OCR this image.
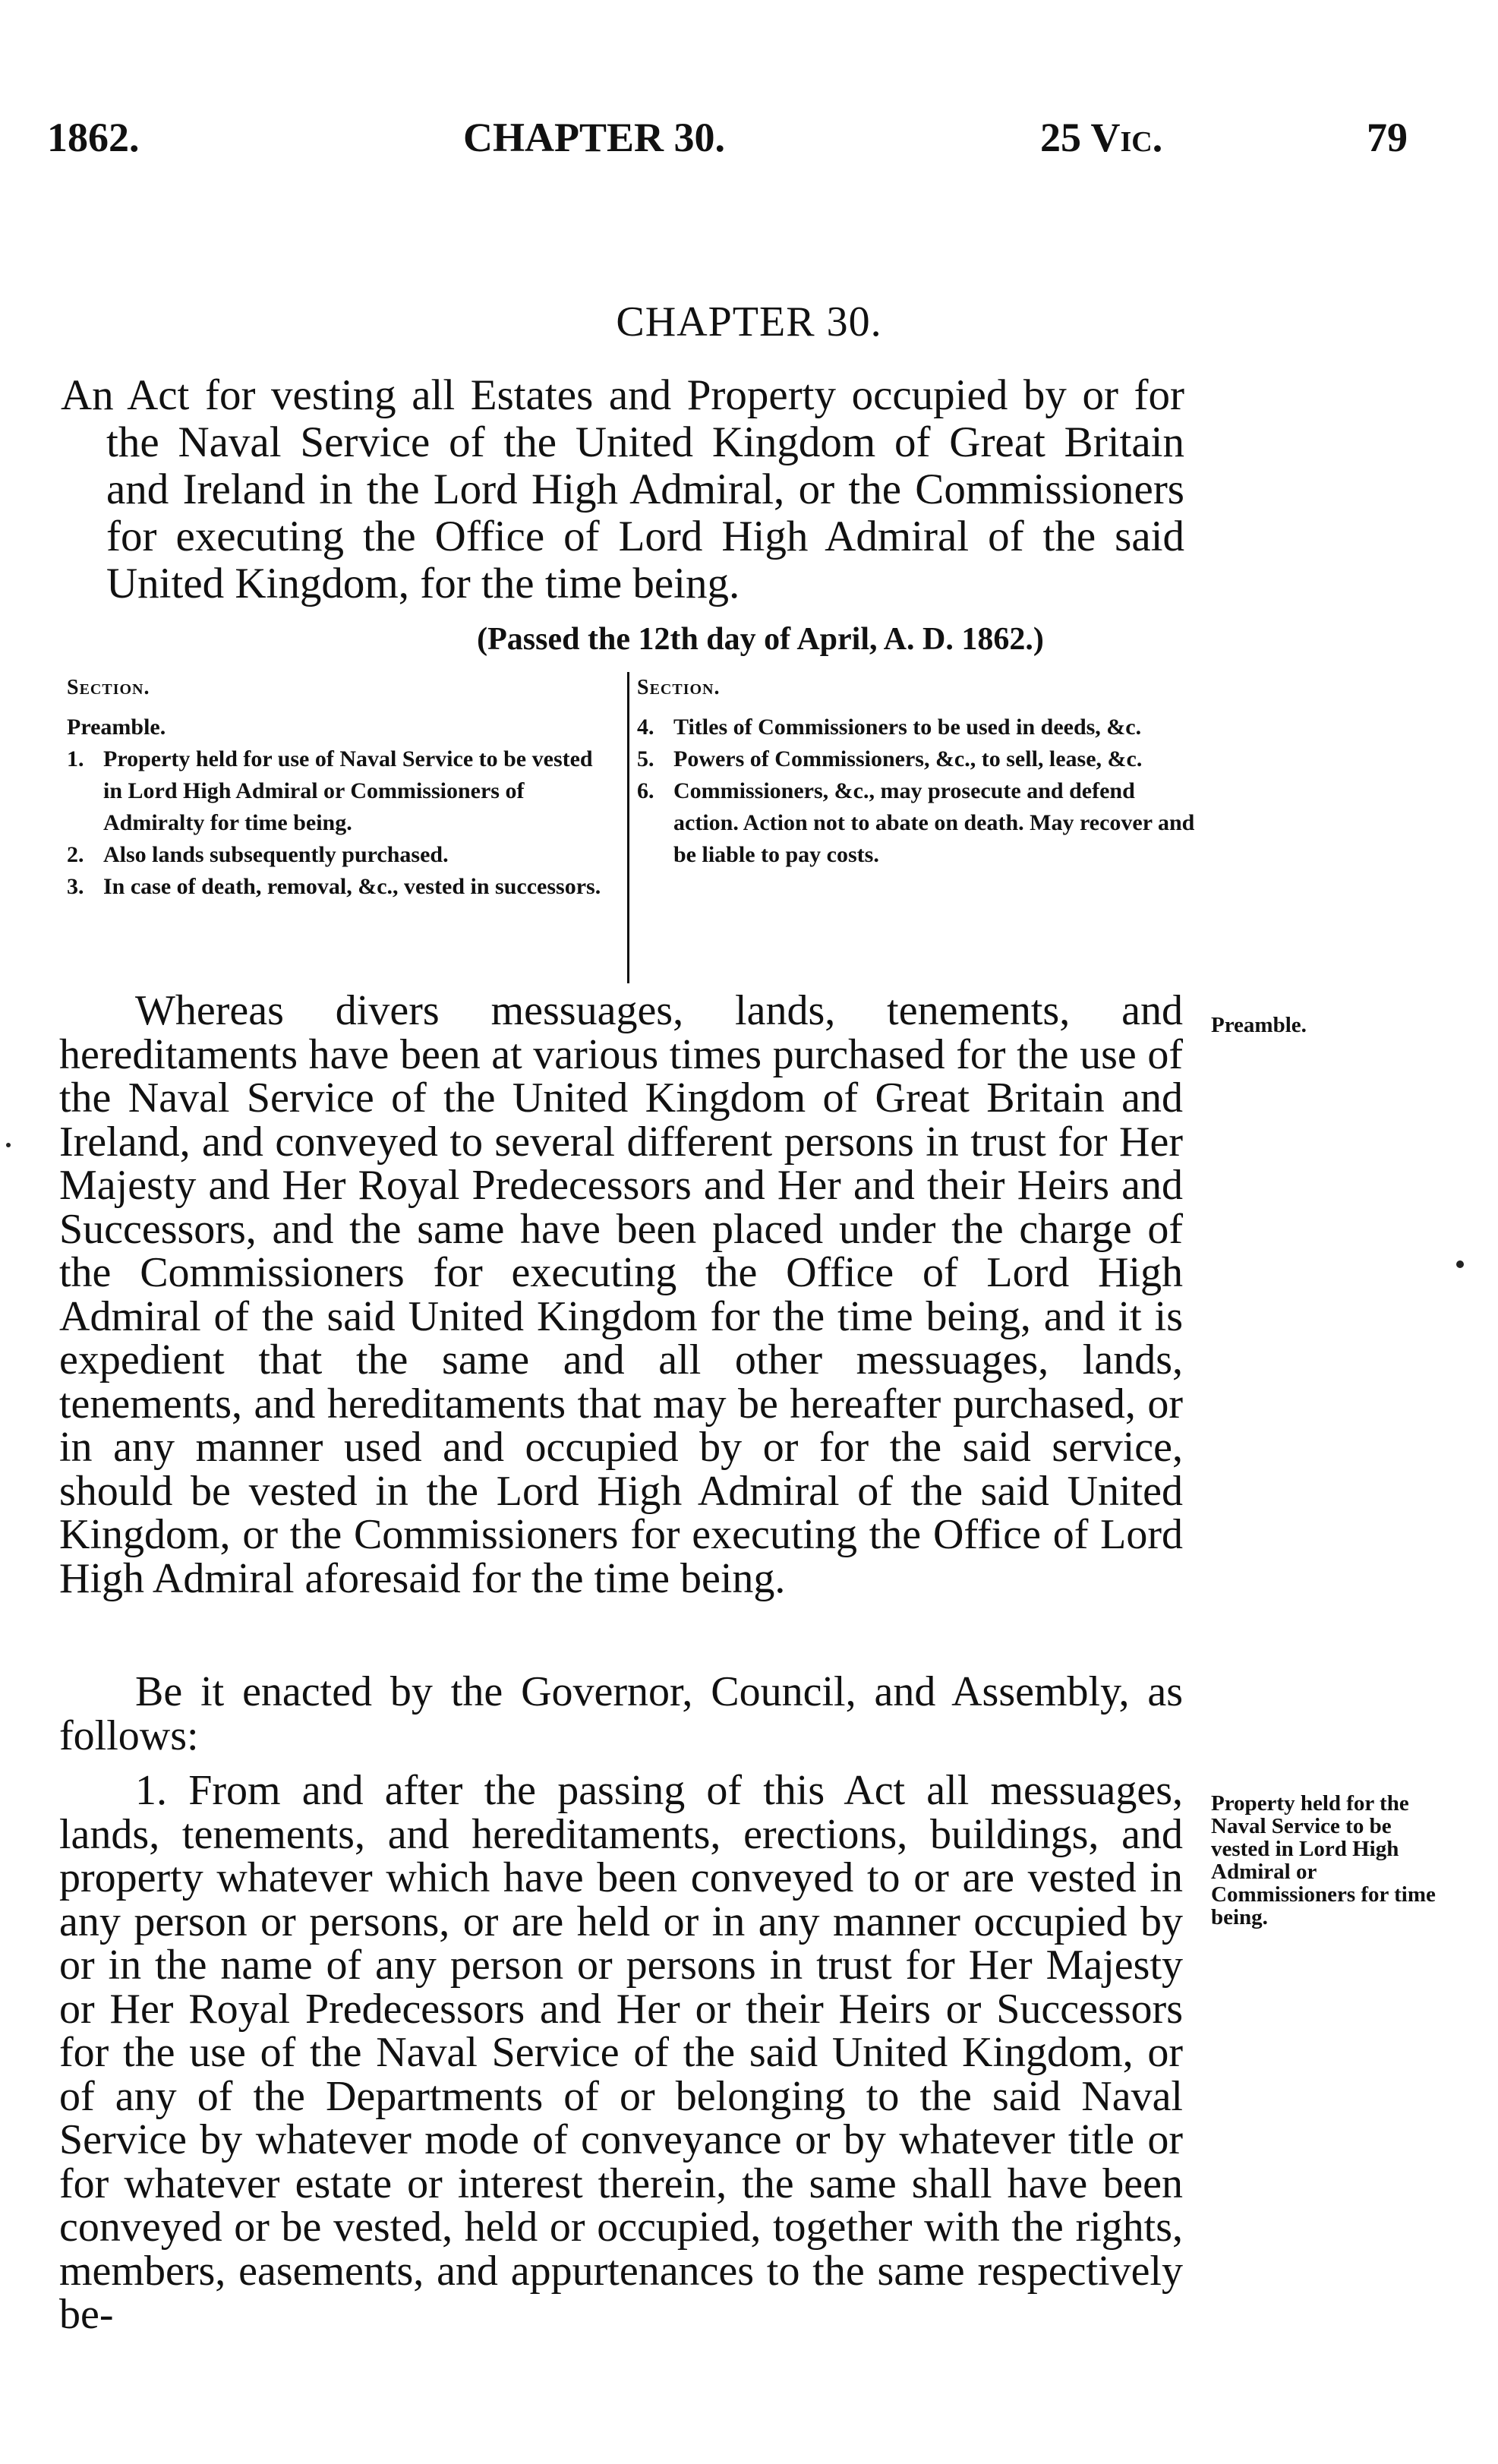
1862.	CHAPTER 30.	25 Vic.	79
CHAPTER 30.
An Act for vesting all Estates and Property occupied by or for the Naval Service of the United Kingdom of Great Britain and Ireland in the Lord High Admiral, or the Commissioners for executing the Office of Lord High Admiral of the said United Kingdom, for the time being.
(Passed the 12th day of April, A. D. 1862.)
Section.
Preamble.
1. Property held for use of Naval Service to be vested in Lord High Admiral or Commissioners of Admiralty for time being.
2. Also lands subsequently purchased.
3. In case of death, removal, &c., vested in successors.
Section.
4. Titles of Commissioners to be used in deeds, &c.
5. Powers of Commissioners, &c., to sell, lease, &c.
6. Commissioners, &c., may prosecute and defend action. Action not to abate on death. May recover and be liable to pay costs.
Whereas divers messuages, lands, tenements, and hereditaments have been at various times purchased for the use of the Naval Service of the United Kingdom of Great Britain and Ireland, and conveyed to several different persons in trust for Her Majesty and Her Royal Predecessors and Her and their Heirs and Successors, and the same have been placed under the charge of the Commissioners for executing the Office of Lord High Admiral of the said United Kingdom for the time being, and it is expedient that the same and all other messuages, lands, tenements, and hereditaments that may be hereafter purchased, or in any manner used and occupied by or for the said service, should be vested in the Lord High Admiral of the said United Kingdom, or the Commissioners for executing the Office of Lord High Admiral aforesaid for the time being.
Preamble.
Be it enacted by the Governor, Council, and Assembly, as follows:
1. From and after the passing of this Act all messuages, lands, tenements, and hereditaments, erections, buildings, and property whatever which have been conveyed to or are vested in any person or persons, or are held or in any manner occupied by or in the name of any person or persons in trust for Her Majesty or Her Royal Predecessors and Her or their Heirs or Successors for the use of the Naval Service of the said United Kingdom, or of any of the Departments of or belonging to the said Naval Service by whatever mode of conveyance or by whatever title or for whatever estate or interest therein, the same shall have been conveyed or be vested, held or occupied, together with the rights, members, easements, and appurtenances to the same respectively be-
Property held for the Naval Service to be vested in Lord High Admiral or Commissioners for time being.
